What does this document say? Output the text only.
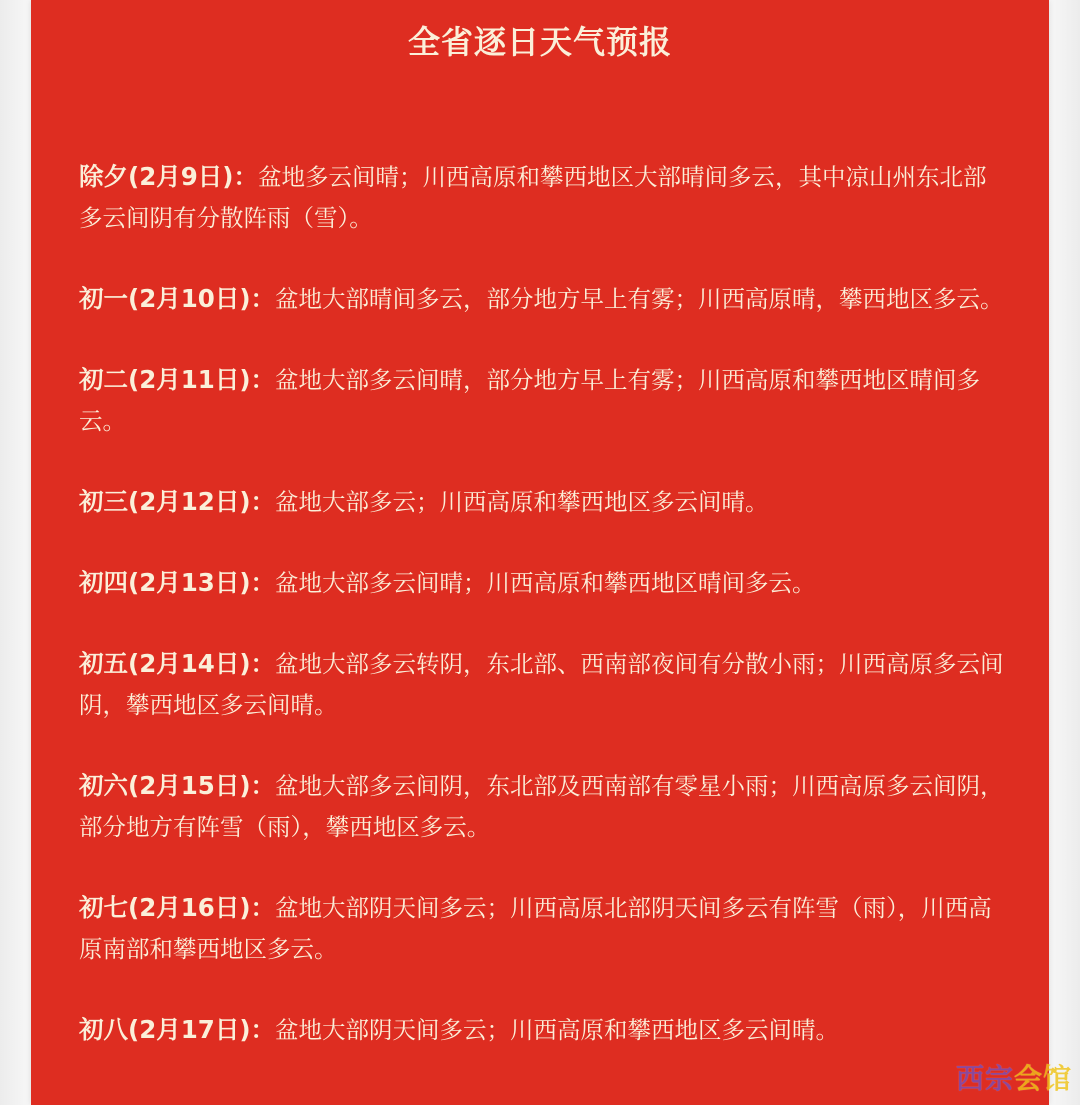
全省逐日天气预报

除夕(2月9日)：盆地多云间晴；川西高原和攀西地区大部晴间多云，其中凉山州东北部多云间阴有分散阵雨（雪）。

初一(2月10日)：盆地大部晴间多云，部分地方早上有雾；川西高原晴，攀西地区多云。

初二(2月11日)：盆地大部多云间晴，部分地方早上有雾；川西高原和攀西地区晴间多云。

初三(2月12日)：盆地大部多云；川西高原和攀西地区多云间晴。

初四(2月13日)：盆地大部多云间晴；川西高原和攀西地区晴间多云。

初五(2月14日)：盆地大部多云转阴，东北部、西南部夜间有分散小雨；川西高原多云间阴，攀西地区多云间晴。

初六(2月15日)：盆地大部多云间阴，东北部及西南部有零星小雨；川西高原多云间阴，部分地方有阵雪（雨），攀西地区多云。

初七(2月16日)：盆地大部阴天间多云；川西高原北部阴天间多云有阵雪（雨），川西高原南部和攀西地区多云。

初八(2月17日)：盆地大部阴天间多云；川西高原和攀西地区多云间晴。

西宗会馆
